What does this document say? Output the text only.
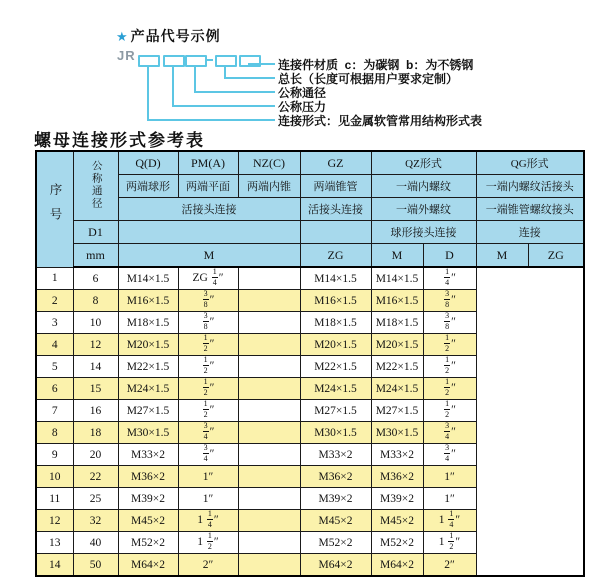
★ 产品代号示例
JR
连接件材质  c：为碳钢  b：为不锈钢
总长（长度可根据用户要求定制）
公称通径
公称压力
连接形式：见金属软管常用结构形式表
螺母连接形式参考表
序号	公称通径	Q(D)	PM(A)	NZ(C)	GZ	QZ形式		QG形式	
		两端球形	两端平面	两端内锥	两端锥管	一端内螺纹		一端内螺纹活接头	
		活接头连接			活接头连接	一端外螺纹		一端锥管螺纹接头	
	D1					球形接头连接		连接	
	mm	M			ZG	M	D	M	ZG
1	6	M14×1.5	ZG $\frac{1}{4}$ ″		M14×1.5	M14×1.5	$\frac{1}{4}$ ″		
2	8	M16×1.5	$\frac{3}{8}$ ″		M16×1.5	M16×1.5	$\frac{3}{8}$ ″		
3	10	M18×1.5	$\frac{3}{8}$ ″		M18×1.5	M18×1.5	$\frac{3}{8}$ ″		
4	12	M20×1.5	$\frac{1}{2}$ ″		M20×1.5	M20×1.5	$\frac{1}{2}$ ″		
5	14	M22×1.5	$\frac{1}{2}$ ″		M22×1.5	M22×1.5	$\frac{1}{2}$ ″		
6	15	M24×1.5	$\frac{1}{2}$ ″		M24×1.5	M24×1.5	$\frac{1}{2}$ ″		
7	16	M27×1.5	$\frac{1}{2}$ ″		M27×1.5	M27×1.5	$\frac{1}{2}$ ″		
8	18	M30×1.5	$\frac{3}{4}$ ″		M30×1.5	M30×1.5	$\frac{3}{4}$ ″		
9	20	M33×2	$\frac{3}{4}$ ″		M33×2	M33×2	$\frac{3}{4}$ ″		
10	22	M36×2	1″		M36×2	M36×2	1″		
11	25	M39×2	1″		M39×2	M39×2	1″		
12	32	M45×2	$1 \frac{1}{4}$ ″		M45×2	M45×2	$1 \frac{1}{4}$ ″		
13	40	M52×2	$1 \frac{1}{2}$ ″		M52×2	M52×2	$1 \frac{1}{2}$ ″		
14	50	M64×2	2″		M64×2	M64×2	2″		
